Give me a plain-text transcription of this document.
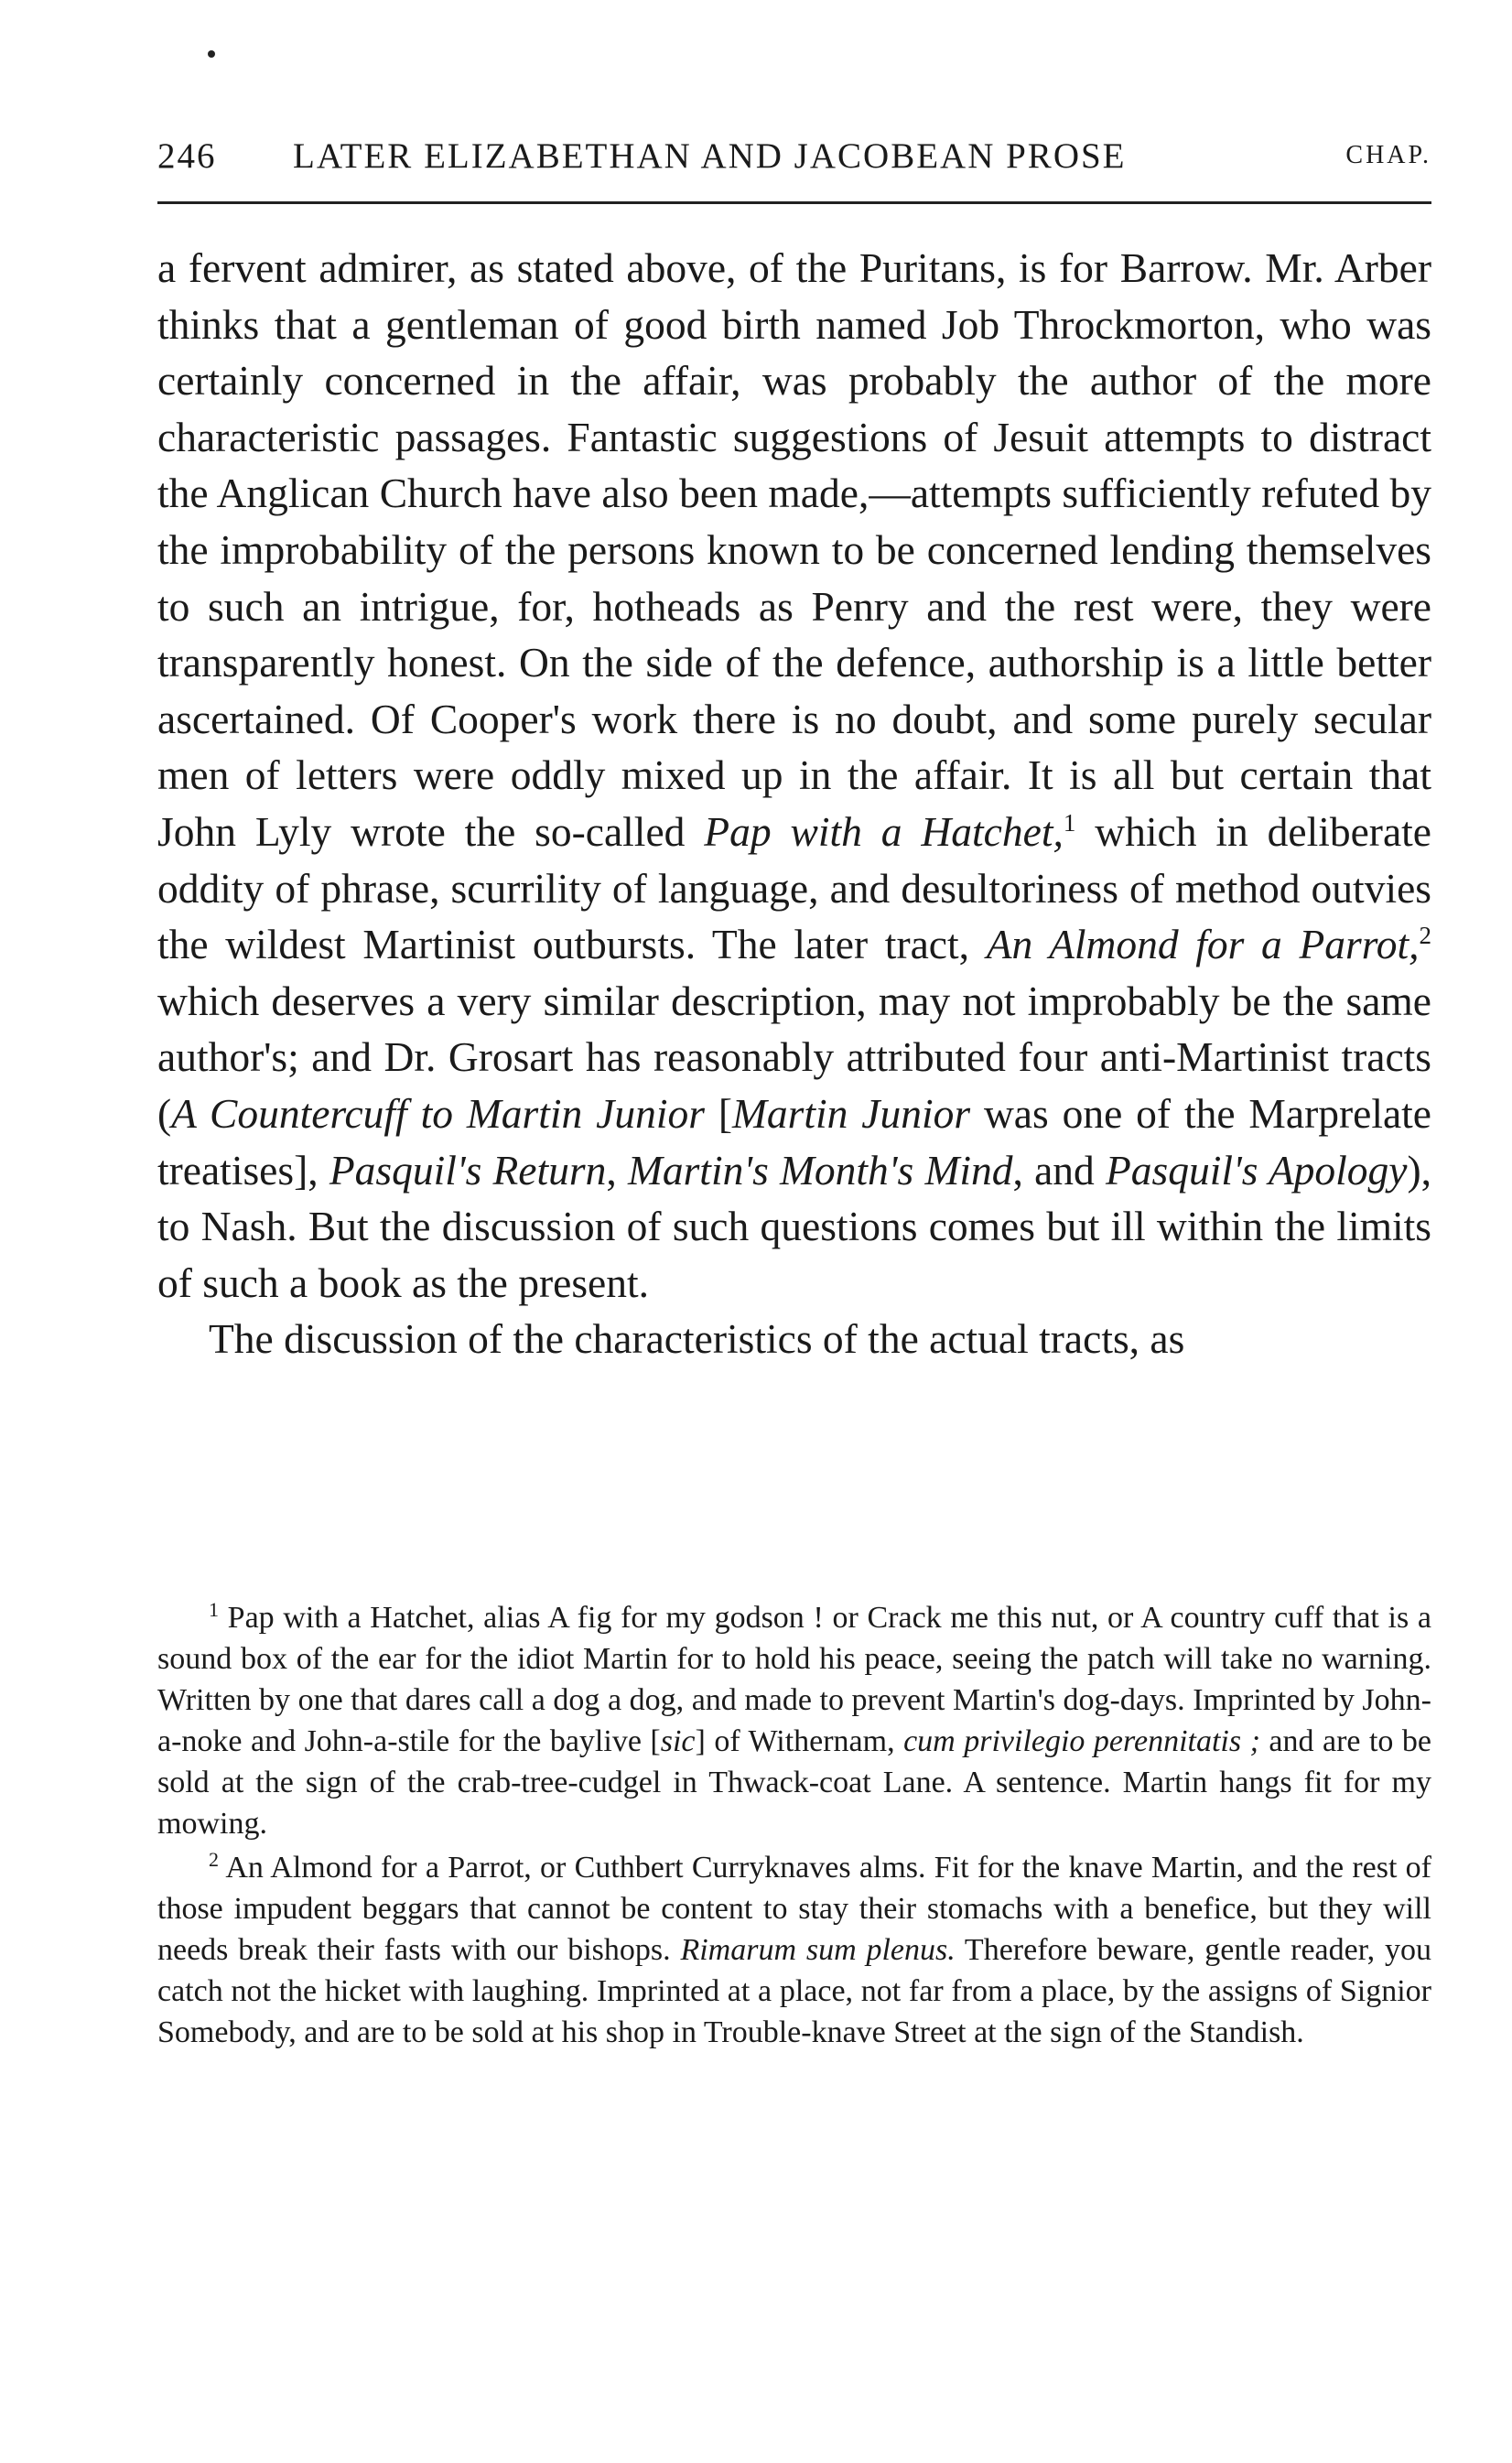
246 LATER ELIZABETHAN AND JACOBEAN PROSE	CHAP.

a fervent admirer, as stated above, of the Puritans, is for Barrow. Mr. Arber thinks that a gentleman of good birth named Job Throckmorton, who was certainly concerned in the affair, was probably the author of the more characteristic passages. Fantastic suggestions of Jesuit attempts to distract the Anglican Church have also been made,—attempts sufficiently refuted by the improbability of the persons known to be concerned lending themselves to such an intrigue, for, hotheads as Penry and the rest were, they were transparently honest. On the side of the defence, authorship is a little better ascertained. Of Cooper's work there is no doubt, and some purely secular men of letters were oddly mixed up in the affair. It is all but certain that John Lyly wrote the so-called Pap with a Hatchet,$^1$ which in deliberate oddity of phrase, scurrility of language, and desultoriness of method outvies the wildest Martinist outbursts. The later tract, An Almond for a Parrot,$^2$ which deserves a very similar description, may not improbably be the same author's; and Dr. Grosart has reasonably attributed four anti-Martinist tracts (A Countercuff to Martin Junior [Martin Junior was one of the Marprelate treatises], Pasquil's Return, Martin's Month's Mind, and Pasquil's Apology), to Nash. But the discussion of such questions comes but ill within the limits of such a book as the present.

The discussion of the characteristics of the actual tracts, as

$^1$ Pap with a Hatchet, alias A fig for my godson ! or Crack me this nut, or A country cuff that is a sound box of the ear for the idiot Martin for to hold his peace, seeing the patch will take no warning. Written by one that dares call a dog a dog, and made to prevent Martin's dog-days. Imprinted by John-a-noke and John-a-stile for the baylive [sic] of Withernam, cum privilegio perennitatis ; and are to be sold at the sign of the crab-tree-cudgel in Thwack-coat Lane. A sentence. Martin hangs fit for my mowing.

$^2$ An Almond for a Parrot, or Cuthbert Curryknaves alms. Fit for the knave Martin, and the rest of those impudent beggars that cannot be content to stay their stomachs with a benefice, but they will needs break their fasts with our bishops. Rimarum sum plenus. Therefore beware, gentle reader, you catch not the hicket with laughing. Imprinted at a place, not far from a place, by the assigns of Signior Somebody, and are to be sold at his shop in Trouble-knave Street at the sign of the Standish.
